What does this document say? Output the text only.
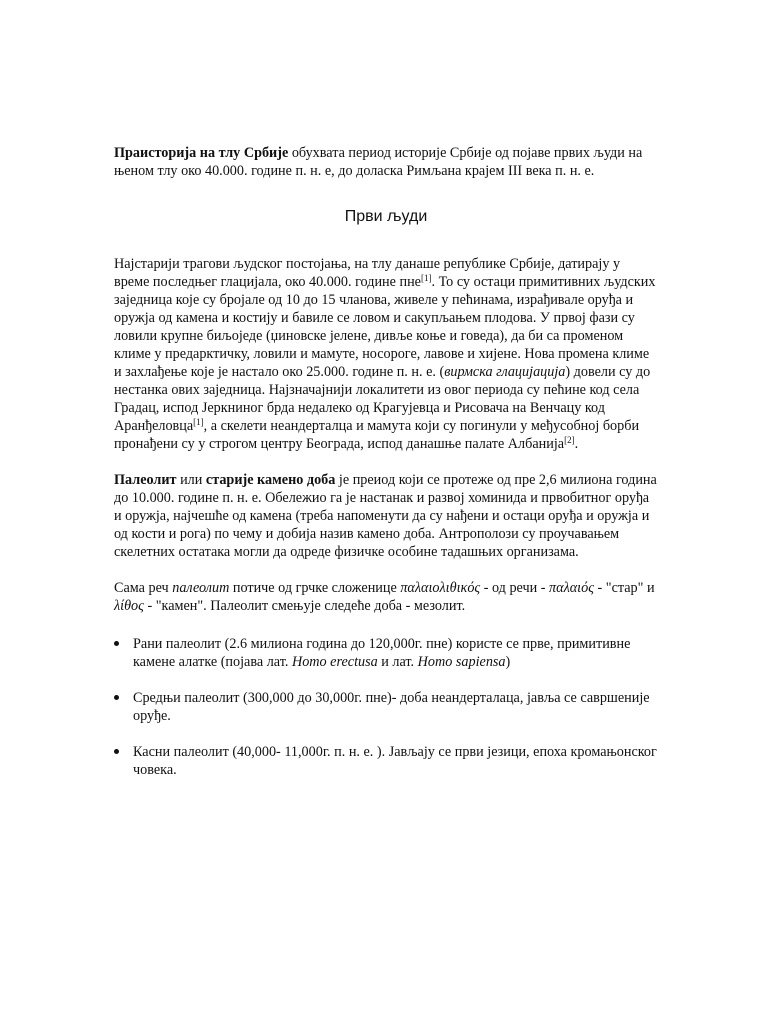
Праисторија на тлу Србије обухвата период историје Србије од појаве првих људи на њеном тлу око 40.000. године п. н. е, до доласка Римљана крајем III века п. н. е.

Први људи

Најстарији трагови људског постојања, на тлу данаше републике Србије, датирају у време последњег глацијала, око 40.000. године пне[1]. То су остаци примитивних људских заједница које су бројале од 10 до 15 чланова, живеле у пећинама, израђивале оруђа и оружја од камена и костију и бавиле се ловом и сакупљањем плодова. У првој фази су ловили крупне биљоједе (џиновске јелене, дивље коње и говеда), да би са променом климе у предарктичку, ловили и мамуте, носороге, лавове и хијене. Нова промена климе и захлађење које је настало око 25.000. године п. н. е. (вирмска глацијација) довели су до нестанка ових заједница. Најзначајнији локалитети из овог периода су пећине код села Градац, испод Јеркниног брда недалеко од Крагујевца и Рисовача на Венчацу код Аранђеловца[1], а скелети неандерталца и мамута који су погинули у међусобној борби пронађени су у строгом центру Београда, испод данашње палате Албанија[2].

Палеолит или старије камено доба је преиод који се протеже од пре 2,6 милиона година до 10.000. године п. н. е. Обележио га је настанак и развој хоминида и првобитног оруђа и оружја, најчешће од камена (треба напоменути да су нађени и остаци оруђа и оружја и од кости и рога) по чему и добија назив камено доба. Антрополози су проучавањем скелетних остатака могли да одреде физичке особине тадашњих организама.

Сама реч палеолит потиче од грчке сложенице παλαιολιθικός - од речи - παλαιός - "стар" и λίθος - "камен". Палеолит смењује следеће доба - мезолит.

Рани палеолит (2.6 милиона година до 120,000г. пне) користе се прве, примитивне камене алатке (појава лат. Homo erectusa и лат. Homo sapiensa)
Средњи палеолит (300,000 до 30,000г. пне)- доба неандерталаца, јавља се савршеније оруђе.
Касни палеолит (40,000- 11,000г. п. н. е. ). Јављају се први језици, епоха кромањонског човека.
